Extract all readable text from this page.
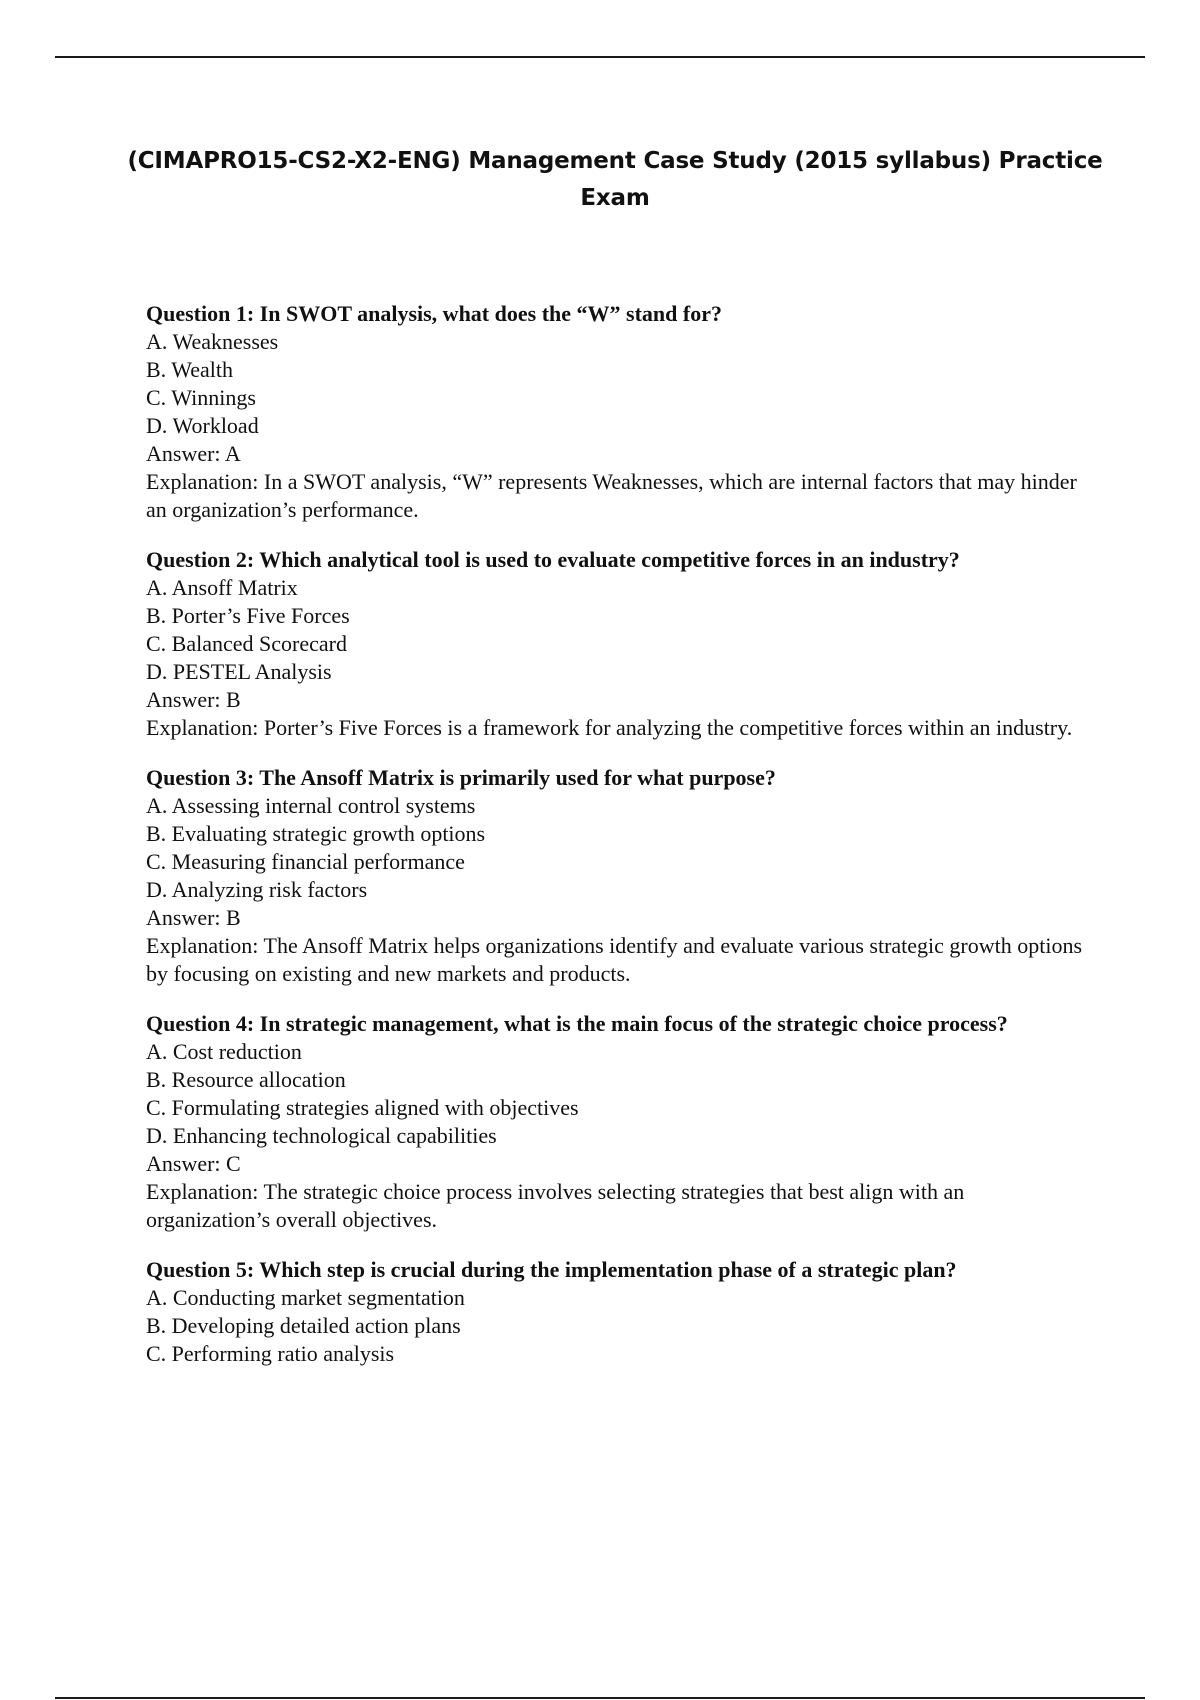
(CIMAPRO15-CS2-X2-ENG) Management Case Study (2015 syllabus) Practice Exam

Question 1: In SWOT analysis, what does the “W” stand for?

A. Weaknesses

B. Wealth

C. Winnings

D. Workload

Answer: A

Explanation: In a SWOT analysis, “W” represents Weaknesses, which are internal factors that may hinder an organization’s performance.

Question 2: Which analytical tool is used to evaluate competitive forces in an industry?

A. Ansoff Matrix

B. Porter’s Five Forces

C. Balanced Scorecard

D. PESTEL Analysis

Answer: B

Explanation: Porter’s Five Forces is a framework for analyzing the competitive forces within an industry.

Question 3: The Ansoff Matrix is primarily used for what purpose?

A. Assessing internal control systems

B. Evaluating strategic growth options

C. Measuring financial performance

D. Analyzing risk factors

Answer: B

Explanation: The Ansoff Matrix helps organizations identify and evaluate various strategic growth options by focusing on existing and new markets and products.

Question 4: In strategic management, what is the main focus of the strategic choice process?

A. Cost reduction

B. Resource allocation

C. Formulating strategies aligned with objectives

D. Enhancing technological capabilities

Answer: C

Explanation: The strategic choice process involves selecting strategies that best align with an organization’s overall objectives.

Question 5: Which step is crucial during the implementation phase of a strategic plan?

A. Conducting market segmentation

B. Developing detailed action plans

C. Performing ratio analysis
